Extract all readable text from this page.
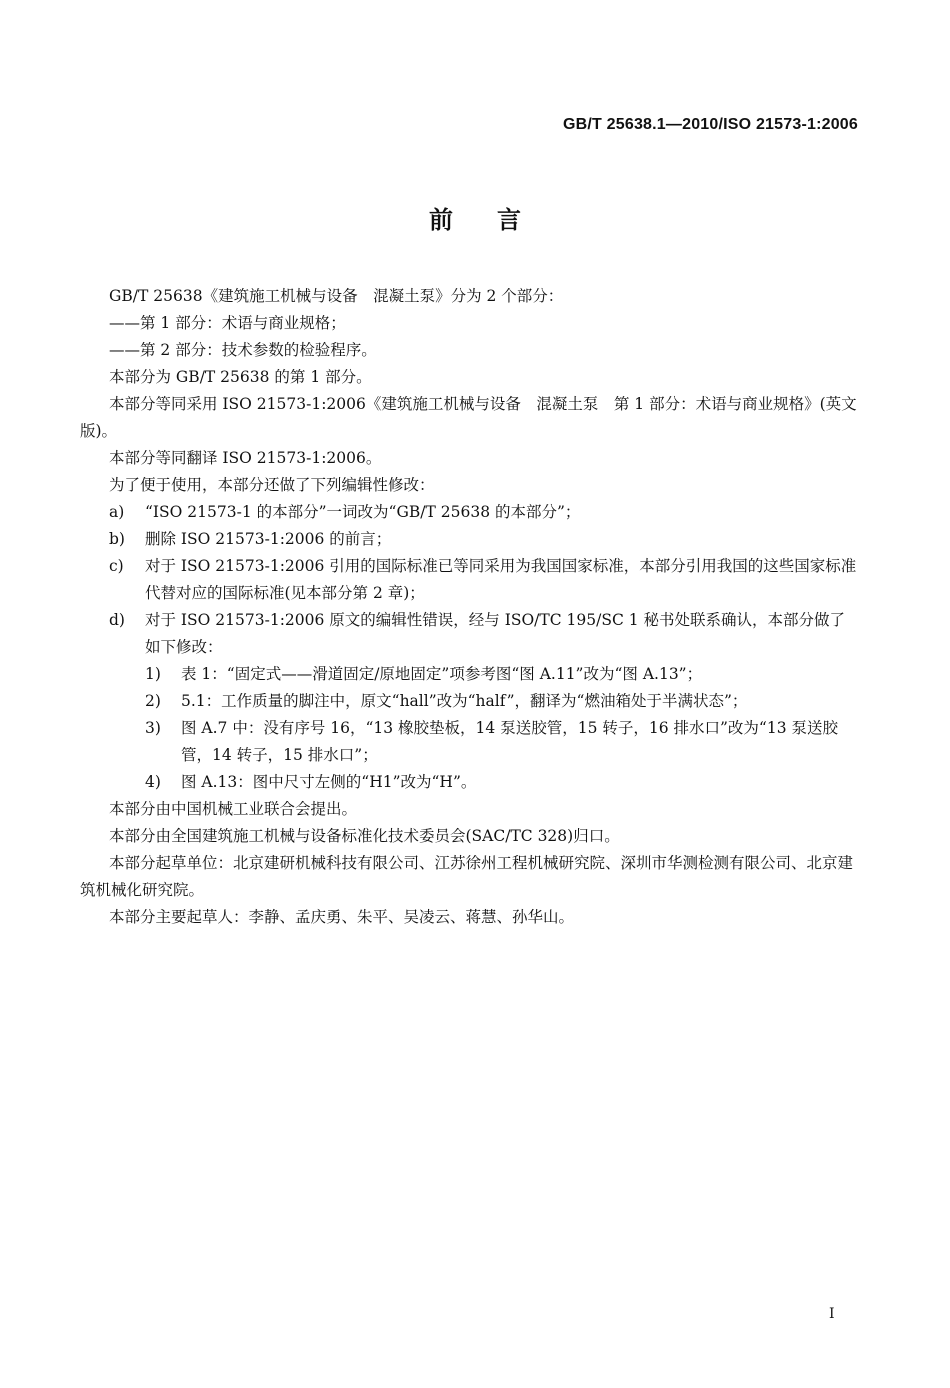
GB/T 25638.1—2010/ISO 21573-1:2006
前言

GB/T 25638《建筑施工机械与设备　混凝土泵》分为 2 个部分：

——第 1 部分：术语与商业规格；

——第 2 部分：技术参数的检验程序。

本部分为 GB/T 25638 的第 1 部分。

本部分等同采用 ISO 21573-1:2006《建筑施工机械与设备　混凝土泵　第 1 部分：术语与商业规格》(英文版)。

本部分等同翻译 ISO 21573-1:2006。

为了便于使用，本部分还做了下列编辑性修改：

a)	“ISO 21573-1 的本部分”一词改为“GB/T 25638 的本部分”；
b)	删除 ISO 21573-1:2006 的前言；
c)	对于 ISO 21573-1:2006 引用的国际标准已等同采用为我国国家标准，本部分引用我国的这些国家标准代替对应的国际标准(见本部分第 2 章)；
d)	对于 ISO 21573-1:2006 原文的编辑性错误，经与 ISO/TC 195/SC 1 秘书处联系确认，本部分做了如下修改：
1)	表 1：“固定式——滑道固定/原地固定”项参考图“图 A.11”改为“图 A.13”；
2)	5.1：工作质量的脚注中，原文“hall”改为“half”，翻译为“燃油箱处于半满状态”；
3)	图 A.7 中：没有序号 16，“13 橡胶垫板，14 泵送胶管，15 转子，16 排水口”改为“13 泵送胶管，14 转子，15 排水口”；
4)	图 A.13：图中尺寸左侧的“H1”改为“H”。

本部分由中国机械工业联合会提出。

本部分由全国建筑施工机械与设备标准化技术委员会(SAC/TC 328)归口。

本部分起草单位：北京建研机械科技有限公司、江苏徐州工程机械研究院、深圳市华测检测有限公司、北京建筑机械化研究院。

本部分主要起草人：李静、孟庆勇、朱平、吴凌云、蒋慧、孙华山。

I
